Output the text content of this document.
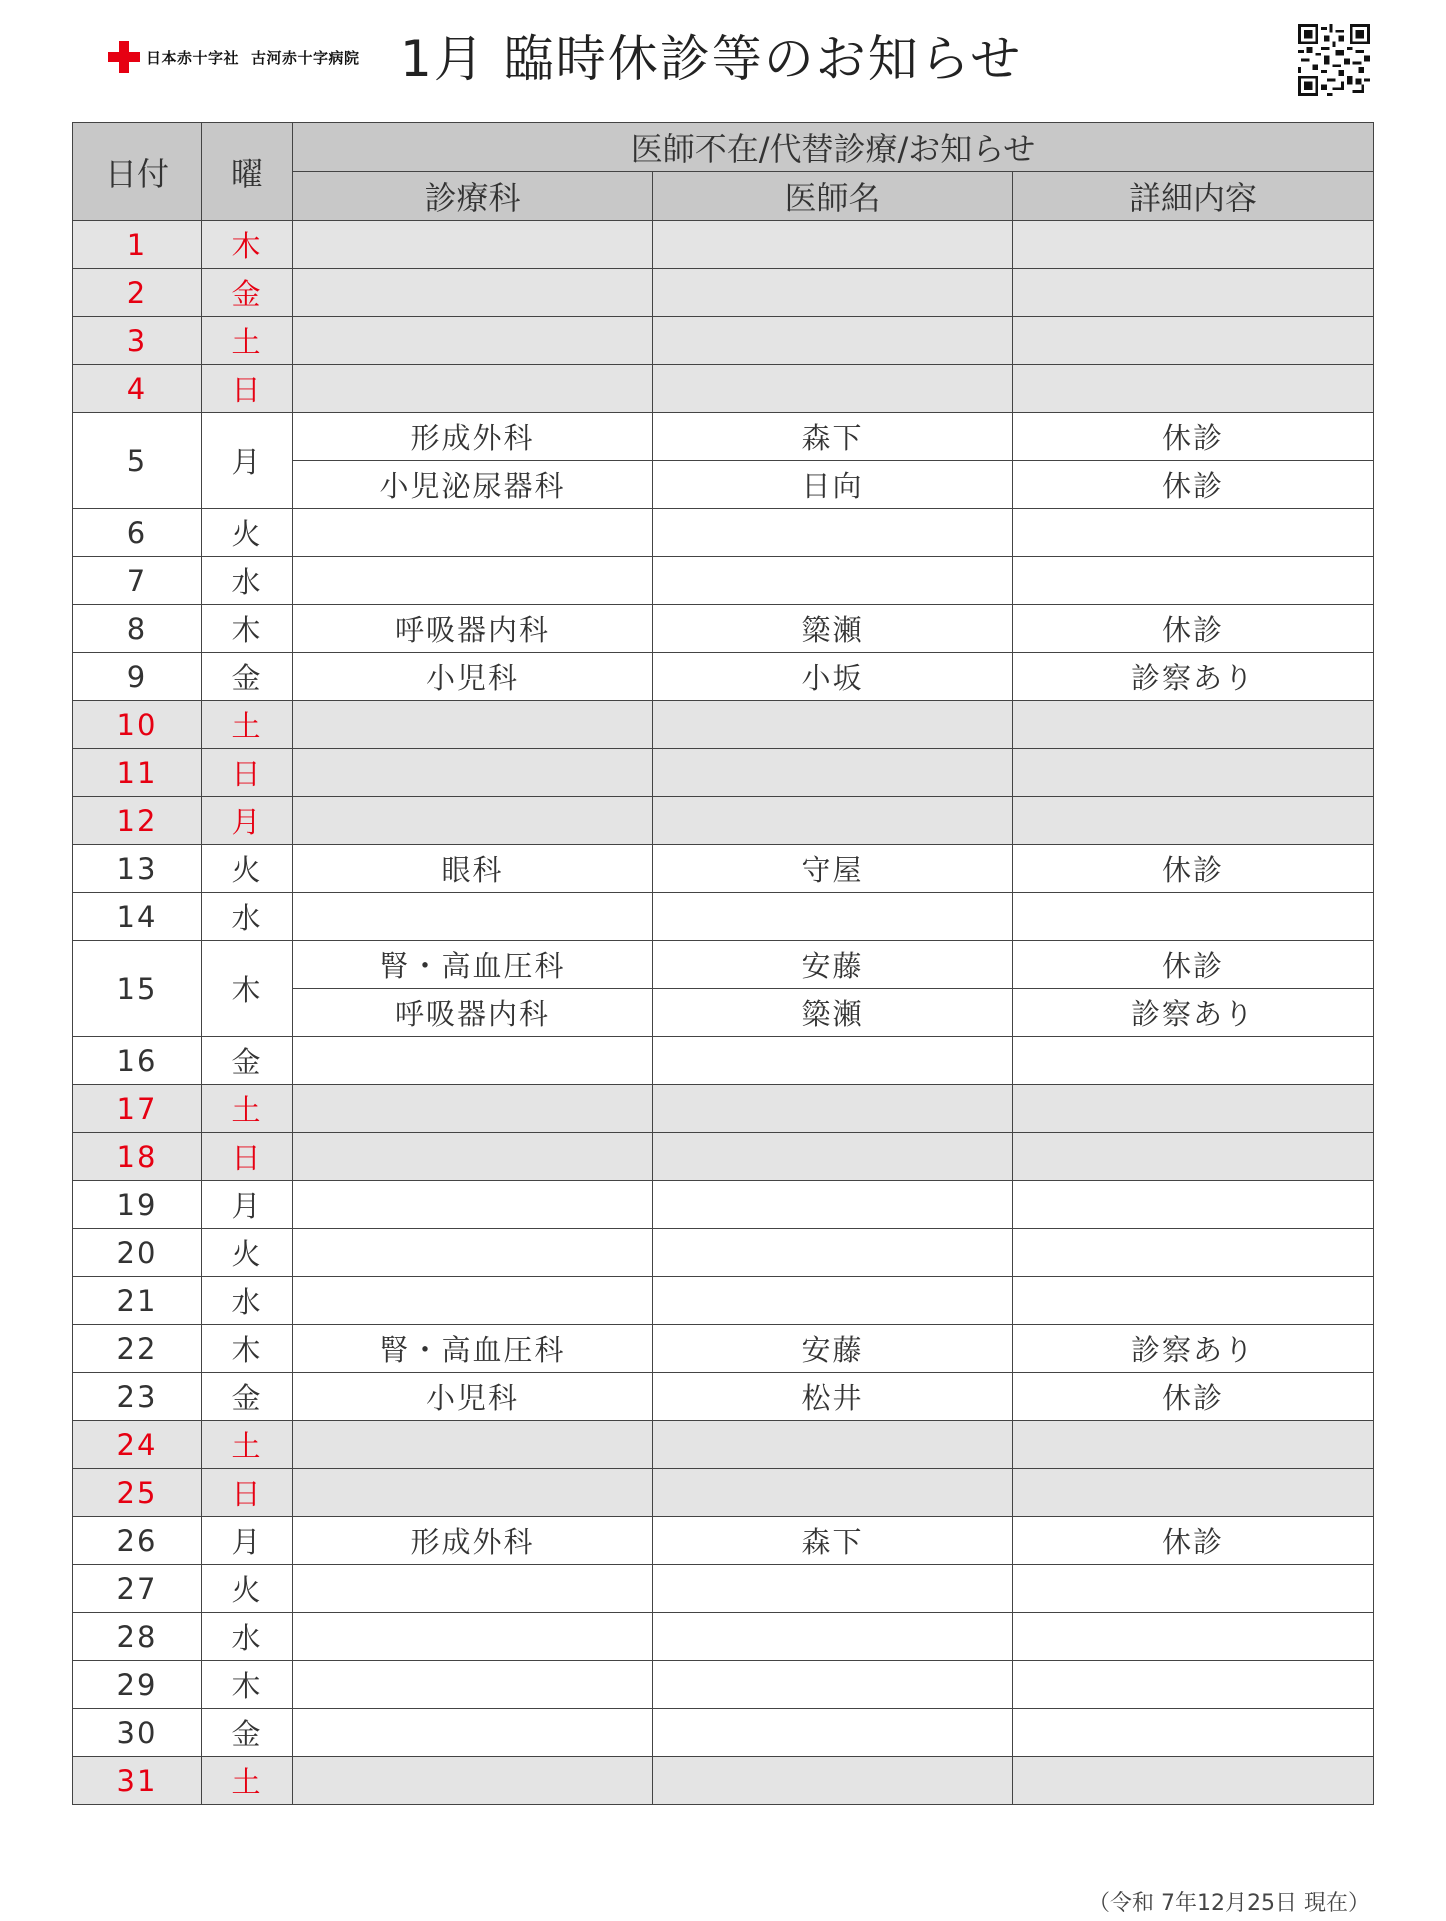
日本赤十字社 古河赤十字病院 1月 臨時休診等のお知らせ
日付	曜	医師不在/代替診療/お知らせ		
		診療科	医師名	詳細内容
1	木			
2	金			
3	土			
4	日			
5	月	形成外科	森下	休診
		小児泌尿器科	日向	休診
6	火			
7	水			
8	木	呼吸器内科	簗瀬	休診
9	金	小児科	小坂	診察あり
10	土			
11	日			
12	月			
13	火	眼科	守屋	休診
14	水			
15	木	腎・高血圧科	安藤	休診
		呼吸器内科	簗瀬	診察あり
16	金			
17	土			
18	日			
19	月			
20	火			
21	水			
22	木	腎・高血圧科	安藤	診察あり
23	金	小児科	松井	休診
24	土			
25	日			
26	月	形成外科	森下	休診
27	火			
28	水			
29	木			
30	金			
31	土			
（令和 7年12月25日 現在）
